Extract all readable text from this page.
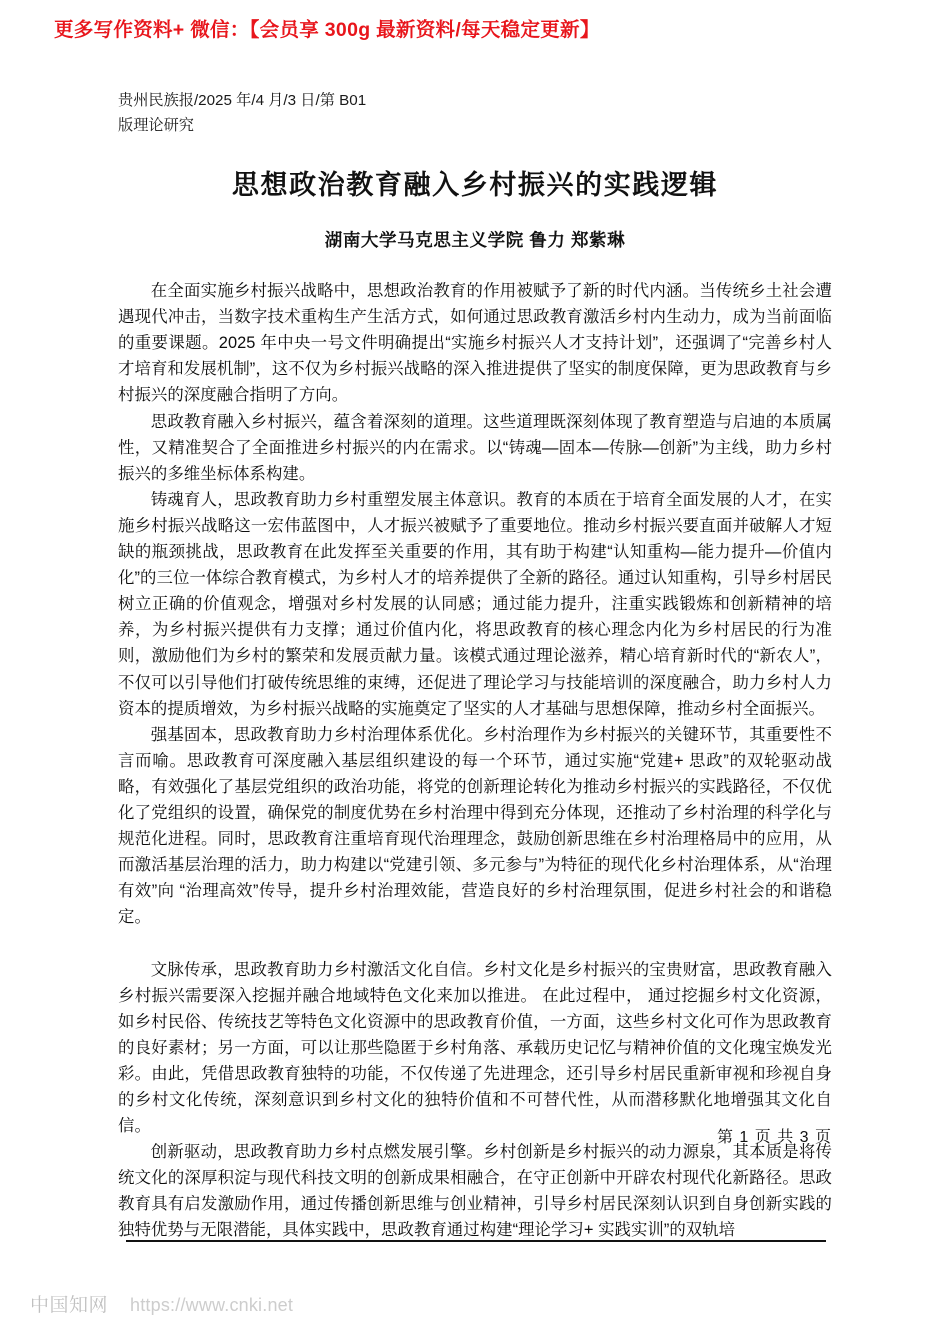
更多写作资料+ 微信：【会员享 300g 最新资料/每天稳定更新】
贵州民族报/2025 年/4 月/3 日/第 B01
版理论研究
思想政治教育融入乡村振兴的实践逻辑
湖南大学马克思主义学院 鲁力 郑紫琳

在全面实施乡村振兴战略中，思想政治教育的作用被赋予了新的时代内涵。当传统乡土社会遭遇现代冲击，当数字技术重构生产生活方式，如何通过思政教育激活乡村内生动力，成为当前面临的重要课题。2025 年中央一号文件明确提出“实施乡村振兴人才支持计划”，还强调了“完善乡村人才培育和发展机制”，这不仅为乡村振兴战略的深入推进提供了坚实的制度保障，更为思政教育与乡村振兴的深度融合指明了方向。

思政教育融入乡村振兴，蕴含着深刻的道理。这些道理既深刻体现了教育塑造与启迪的本质属性，又精准契合了全面推进乡村振兴的内在需求。以“铸魂—固本—传脉—创新”为主线，助力乡村振兴的多维坐标体系构建。

铸魂育人，思政教育助力乡村重塑发展主体意识。教育的本质在于培育全面发展的人才，在实施乡村振兴战略这一宏伟蓝图中，人才振兴被赋予了重要地位。推动乡村振兴要直面并破解人才短缺的瓶颈挑战，思政教育在此发挥至关重要的作用，其有助于构建“认知重构—能力提升—价值内化”的三位一体综合教育模式，为乡村人才的培养提供了全新的路径。通过认知重构，引导乡村居民树立正确的价值观念，增强对乡村发展的认同感；通过能力提升，注重实践锻炼和创新精神的培养，为乡村振兴提供有力支撑；通过价值内化，将思政教育的核心理念内化为乡村居民的行为准则，激励他们为乡村的繁荣和发展贡献力量。该模式通过理论滋养，精心培育新时代的“新农人”，不仅可以引导他们打破传统思维的束缚，还促进了理论学习与技能培训的深度融合，助力乡村人力资本的提质增效，为乡村振兴战略的实施奠定了坚实的人才基础与思想保障，推动乡村全面振兴。

强基固本，思政教育助力乡村治理体系优化。乡村治理作为乡村振兴的关键环节，其重要性不言而喻。思政教育可深度融入基层组织建设的每一个环节，通过实施“党建+ 思政”的双轮驱动战略，有效强化了基层党组织的政治功能，将党的创新理论转化为推动乡村振兴的实践路径，不仅优化了党组织的设置，确保党的制度优势在乡村治理中得到充分体现，还推动了乡村治理的科学化与规范化进程。同时，思政教育注重培育现代治理理念，鼓励创新思维在乡村治理格局中的应用，从而激活基层治理的活力，助力构建以“党建引领、多元参与”为特征的现代化乡村治理体系，从“治理有效”向 “治理高效”传导，提升乡村治理效能，营造良好的乡村治理氛围，促进乡村社会的和谐稳定。

文脉传承，思政教育助力乡村激活文化自信。乡村文化是乡村振兴的宝贵财富，思政教育融入乡村振兴需要深入挖掘并融合地域特色文化来加以推进。 在此过程中， 通过挖掘乡村文化资源，如乡村民俗、传统技艺等特色文化资源中的思政教育价值，一方面，这些乡村文化可作为思政教育的良好素材；另一方面，可以让那些隐匿于乡村角落、承载历史记忆与精神价值的文化瑰宝焕发光彩。由此，凭借思政教育独特的功能，不仅传递了先进理念，还引导乡村居民重新审视和珍视自身的乡村文化传统，深刻意识到乡村文化的独特价值和不可替代性，从而潜移默化地增强其文化自信。

创新驱动，思政教育助力乡村点燃发展引擎。乡村创新是乡村振兴的动力源泉，其本质是将传统文化的深厚积淀与现代科技文明的创新成果相融合，在守正创新中开辟农村现代化新路径。思政教育具有启发激励作用，通过传播创新思维与创业精神，引导乡村居民深刻认识到自身创新实践的独特优势与无限潜能，具体实践中，思政教育通过构建“理论学习+ 实践实训”的双轨培

第 1 页 共 3 页
中国知网 https://www.cnki.net
